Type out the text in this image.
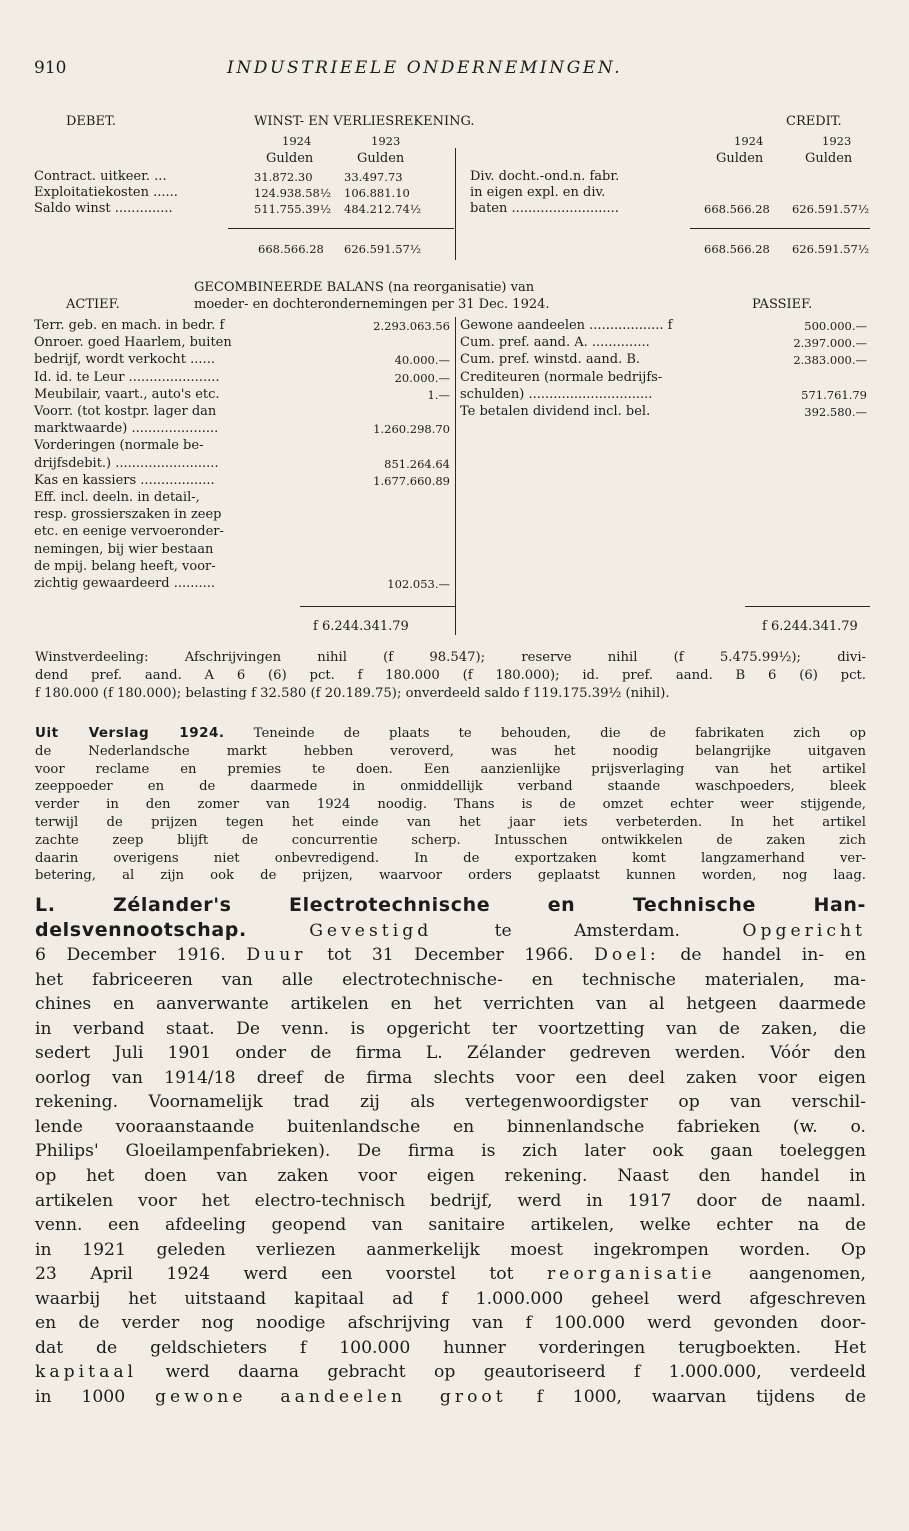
910	INDUSTRIEELE ONDERNEMINGEN.
DEBET.	WINST- EN VERLIESREKENING.	CREDIT.
1924	1923
Gulden	Gulden
1924	1923
Gulden	Gulden
Contract. uitkeer. ...	31.872.30	33.497.73
Exploitatiekosten ......	124.938.58½ 106.881.10
Saldo winst ..............	511.755.39½ 484.212.74½
Div. docht.-ond.n. fabr.
in eigen expl. en div.
baten ..........................	668.566.28 626.591.57½
668.566.28 626.591.57½	668.566.28 626.591.57½
GECOMBINEERDE BALANS (na reorganisatie) van
ACTIEF.	moeder- en dochterondernemingen per 31 Dec. 1924.	PASSIEF.
Terr. geb. en mach. in bedr. f	2.293.063.56
Onroer. goed Haarlem, buiten
bedrijf, wordt verkocht ......	40.000.—
Id. id. te Leur ......................	20.000.—
Meubilair, vaart., auto's etc.	1.—
Voorr. (tot kostpr. lager dan
marktwaarde) .....................	1.260.298.70
Vorderingen (normale be-
drijfsdebit.) .........................	851.264.64
Kas en kassiers ..................	1.677.660.89
Eff. incl. deeln. in detail-,
resp. grossierszaken in zeep
etc. en eenige vervoeronder-
nemingen, bij wier bestaan
de mpij. belang heeft, voor-
zichtig gewaardeerd ..........	102.053.—
Gewone aandeelen .................. f	500.000.—
Cum. pref. aand. A. ..............	2.397.000.—
Cum. pref. winstd. aand. B.	2.383.000.—
Crediteuren (normale bedrijfs-
schulden) ..............................	571.761.79
Te betalen dividend incl. bel.	392.580.—
f 6.244.341.79	f 6.244.341.79

Winstverdeeling: Afschrijvingen nihil (f 98.547); reserve nihil (f 5.475.99½); divi-

dend pref. aand. A 6 (6) pct. f 180.000 (f 180.000); id. pref. aand. B 6 (6) pct.

f 180.000 (f 180.000); belasting f 32.580 (f 20.189.75); onverdeeld saldo f 119.175.39½ (nihil).

Uit Verslag 1924. Teneinde de plaats te behouden, die de fabrikaten zich op

de Nederlandsche markt hebben veroverd, was het noodig belangrijke uitgaven

voor reclame en premies te doen. Een aanzienlijke prijsverlaging van het artikel

zeeppoeder en de daarmede in onmiddellijk verband staande waschpoeders, bleek

verder in den zomer van 1924 noodig. Thans is de omzet echter weer stijgende,

terwijl de prijzen tegen het einde van het jaar iets verbeterden. In het artikel

zachte zeep blijft de concurrentie scherp. Intusschen ontwikkelen de zaken zich

daarin overigens niet onbevredigend. In de exportzaken komt langzamerhand ver-

betering, al zijn ook de prijzen, waarvoor orders geplaatst kunnen worden, nog laag.

L. Zélander's Electrotechnische en Technische Han-

delsvennootschap.	Gevestigd	te Amsterdam.	Opgericht

6 December 1916. Duur tot 31 December 1966. Doel: de handel in- en

het fabriceeren van alle electrotechnische- en technische materialen, ma-

chines en aanverwante artikelen en het verrichten van al hetgeen daarmede

in verband staat. De venn. is opgericht ter voortzetting van de zaken, die

sedert Juli 1901 onder de firma L. Zélander gedreven werden. Vóór den

oorlog van 1914/18 dreef de firma slechts voor een deel zaken voor eigen

rekening. Voornamelijk trad zij als vertegenwoordigster op van verschil-

lende vooraanstaande buitenlandsche en binnenlandsche fabrieken (w. o.

Philips' Gloeilampenfabrieken). De firma is zich later ook gaan toeleggen

op het doen van zaken voor eigen rekening. Naast den handel in

artikelen voor het electro-technisch bedrijf, werd in 1917 door de naaml.

venn. een afdeeling geopend van sanitaire artikelen, welke echter na de

in 1921 geleden verliezen aanmerkelijk moest ingekrompen worden. Op

23 April 1924 werd een voorstel tot reorganisatie aangenomen,

waarbij het uitstaand kapitaal ad f 1.000.000 geheel werd afgeschreven

en de verder nog noodige afschrijving van f 100.000 werd gevonden door-

dat de geldschieters f 100.000 hunner vorderingen terugboekten. Het

kapitaal werd daarna gebracht op geautoriseerd f 1.000.000, verdeeld

in 1000 gewone aandeelen groot f 1000, waarvan tijdens de
